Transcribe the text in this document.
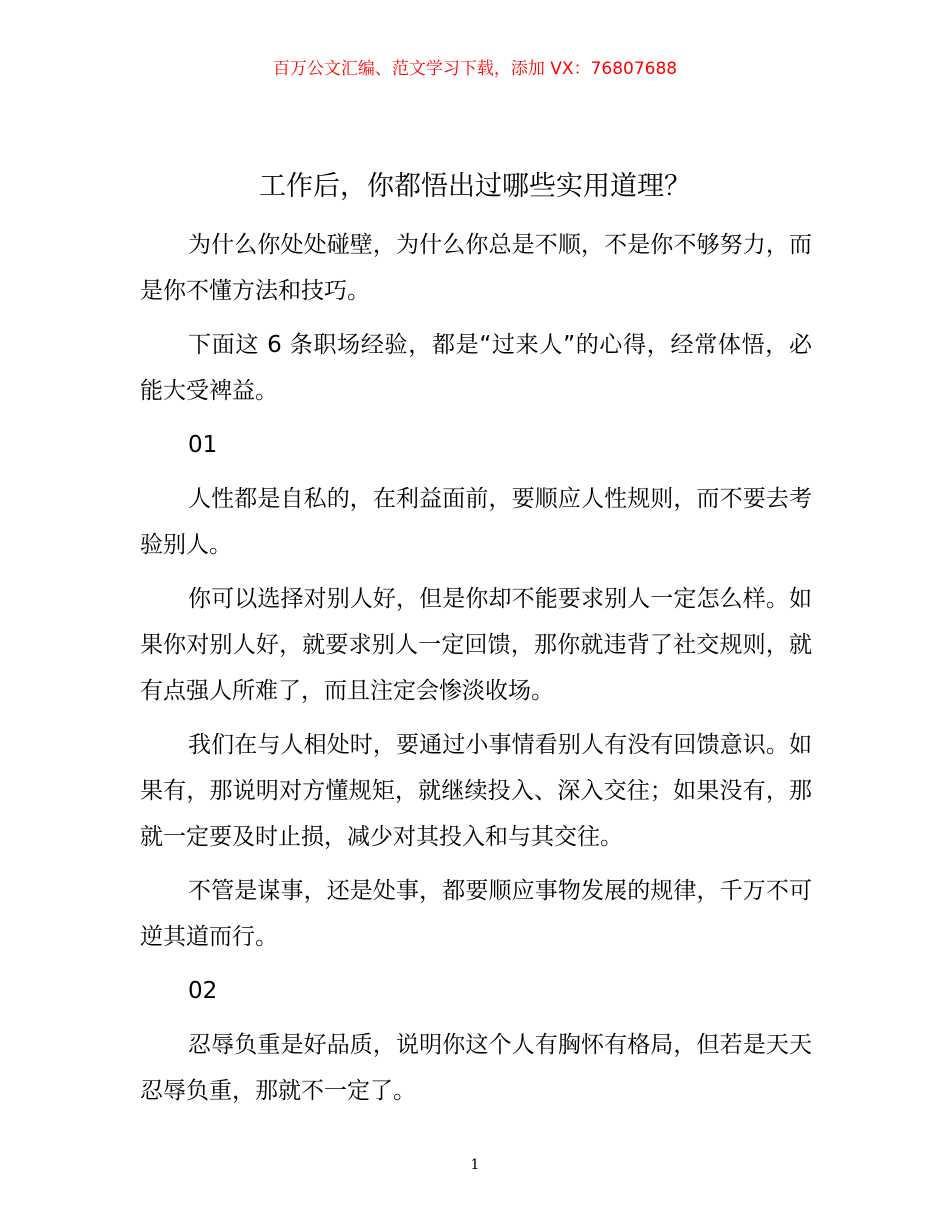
百万公文汇编、范文学习下载，添加 VX：76807688
工作后，你都悟出过哪些实用道理？

为什么你处处碰壁，为什么你总是不顺，不是你不够努力，而是你不懂方法和技巧。

下面这 6 条职场经验，都是“过来人”的心得，经常体悟，必能大受裨益。

01

人性都是自私的，在利益面前，要顺应人性规则，而不要去考验别人。

你可以选择对别人好，但是你却不能要求别人一定怎么样。如果你对别人好，就要求别人一定回馈，那你就违背了社交规则，就有点强人所难了，而且注定会惨淡收场。

我们在与人相处时，要通过小事情看别人有没有回馈意识。如果有，那说明对方懂规矩，就继续投入、深入交往；如果没有，那就一定要及时止损，减少对其投入和与其交往。

不管是谋事，还是处事，都要顺应事物发展的规律，千万不可逆其道而行。

02

忍辱负重是好品质，说明你这个人有胸怀有格局，但若是天天忍辱负重，那就不一定了。

1
